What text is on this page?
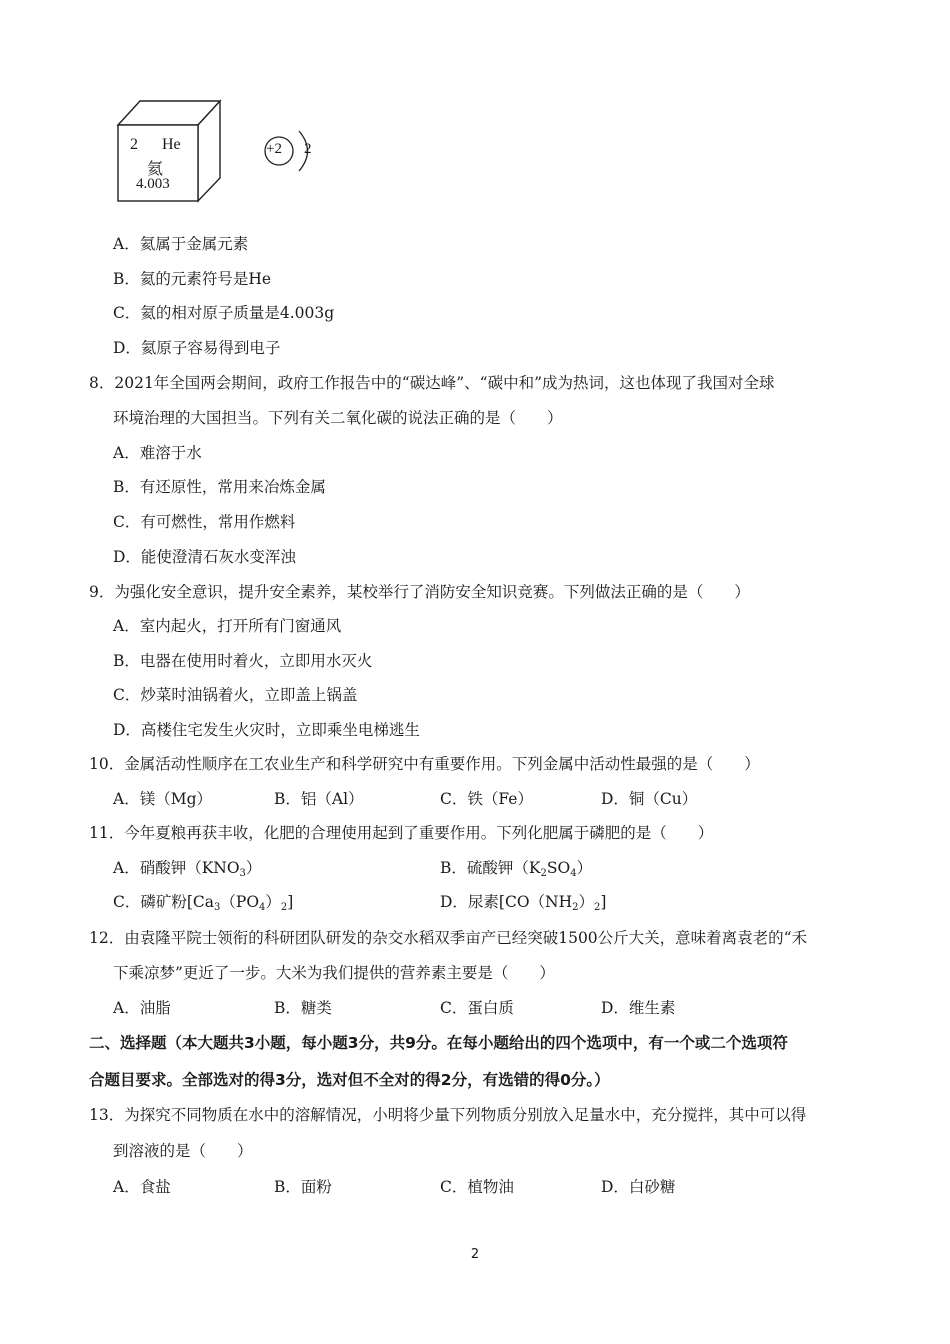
2 He
氦
4.003
+2 2
A．氦属于金属元素
B．氦的元素符号是He
C．氦的相对原子质量是4.003g
D．氦原子容易得到电子
8．2021年全国两会期间，政府工作报告中的“碳达峰”、“碳中和”成为热词，这也体现了我国对全球
环境治理的大国担当。下列有关二氧化碳的说法正确的是（　　）
A．难溶于水
B．有还原性，常用来冶炼金属
C．有可燃性，常用作燃料
D．能使澄清石灰水变浑浊
9．为强化安全意识，提升安全素养，某校举行了消防安全知识竞赛。下列做法正确的是（　　）
A．室内起火，打开所有门窗通风
B．电器在使用时着火，立即用水灭火
C．炒菜时油锅着火，立即盖上锅盖
D．高楼住宅发生火灾时，立即乘坐电梯逃生
10．金属活动性顺序在工农业生产和科学研究中有重要作用。下列金属中活动性最强的是（　　）
A．镁（Mg）	B．铝（Al）	C．铁（Fe）	D．铜（Cu）
11．今年夏粮再获丰收，化肥的合理使用起到了重要作用。下列化肥属于磷肥的是（　　）
A．硝酸钾$(KNO_3)$	B．硫酸钾$(K_2SO_4)$
C．磷矿粉$[Ca_3(PO_4)_2]$	D．尿素$[CO(NH_2)_2]$
12．由袁隆平院士领衔的科研团队研发的杂交水稻双季亩产已经突破1500公斤大关，意味着离袁老的“禾
下乘凉梦”更近了一步。大米为我们提供的营养素主要是（　　）
A．油脂	B．糖类	C．蛋白质	D．维生素
二、选择题（本大题共3小题，每小题3分，共9分。在每小题给出的四个选项中，有一个或二个选项符
合题目要求。全部选对的得3分，选对但不全对的得2分，有选错的得0分。）
13．为探究不同物质在水中的溶解情况，小明将少量下列物质分别放入足量水中，充分搅拌，其中可以得
到溶液的是（　　）
A．食盐	B．面粉	C．植物油	D．白砂糖
2
